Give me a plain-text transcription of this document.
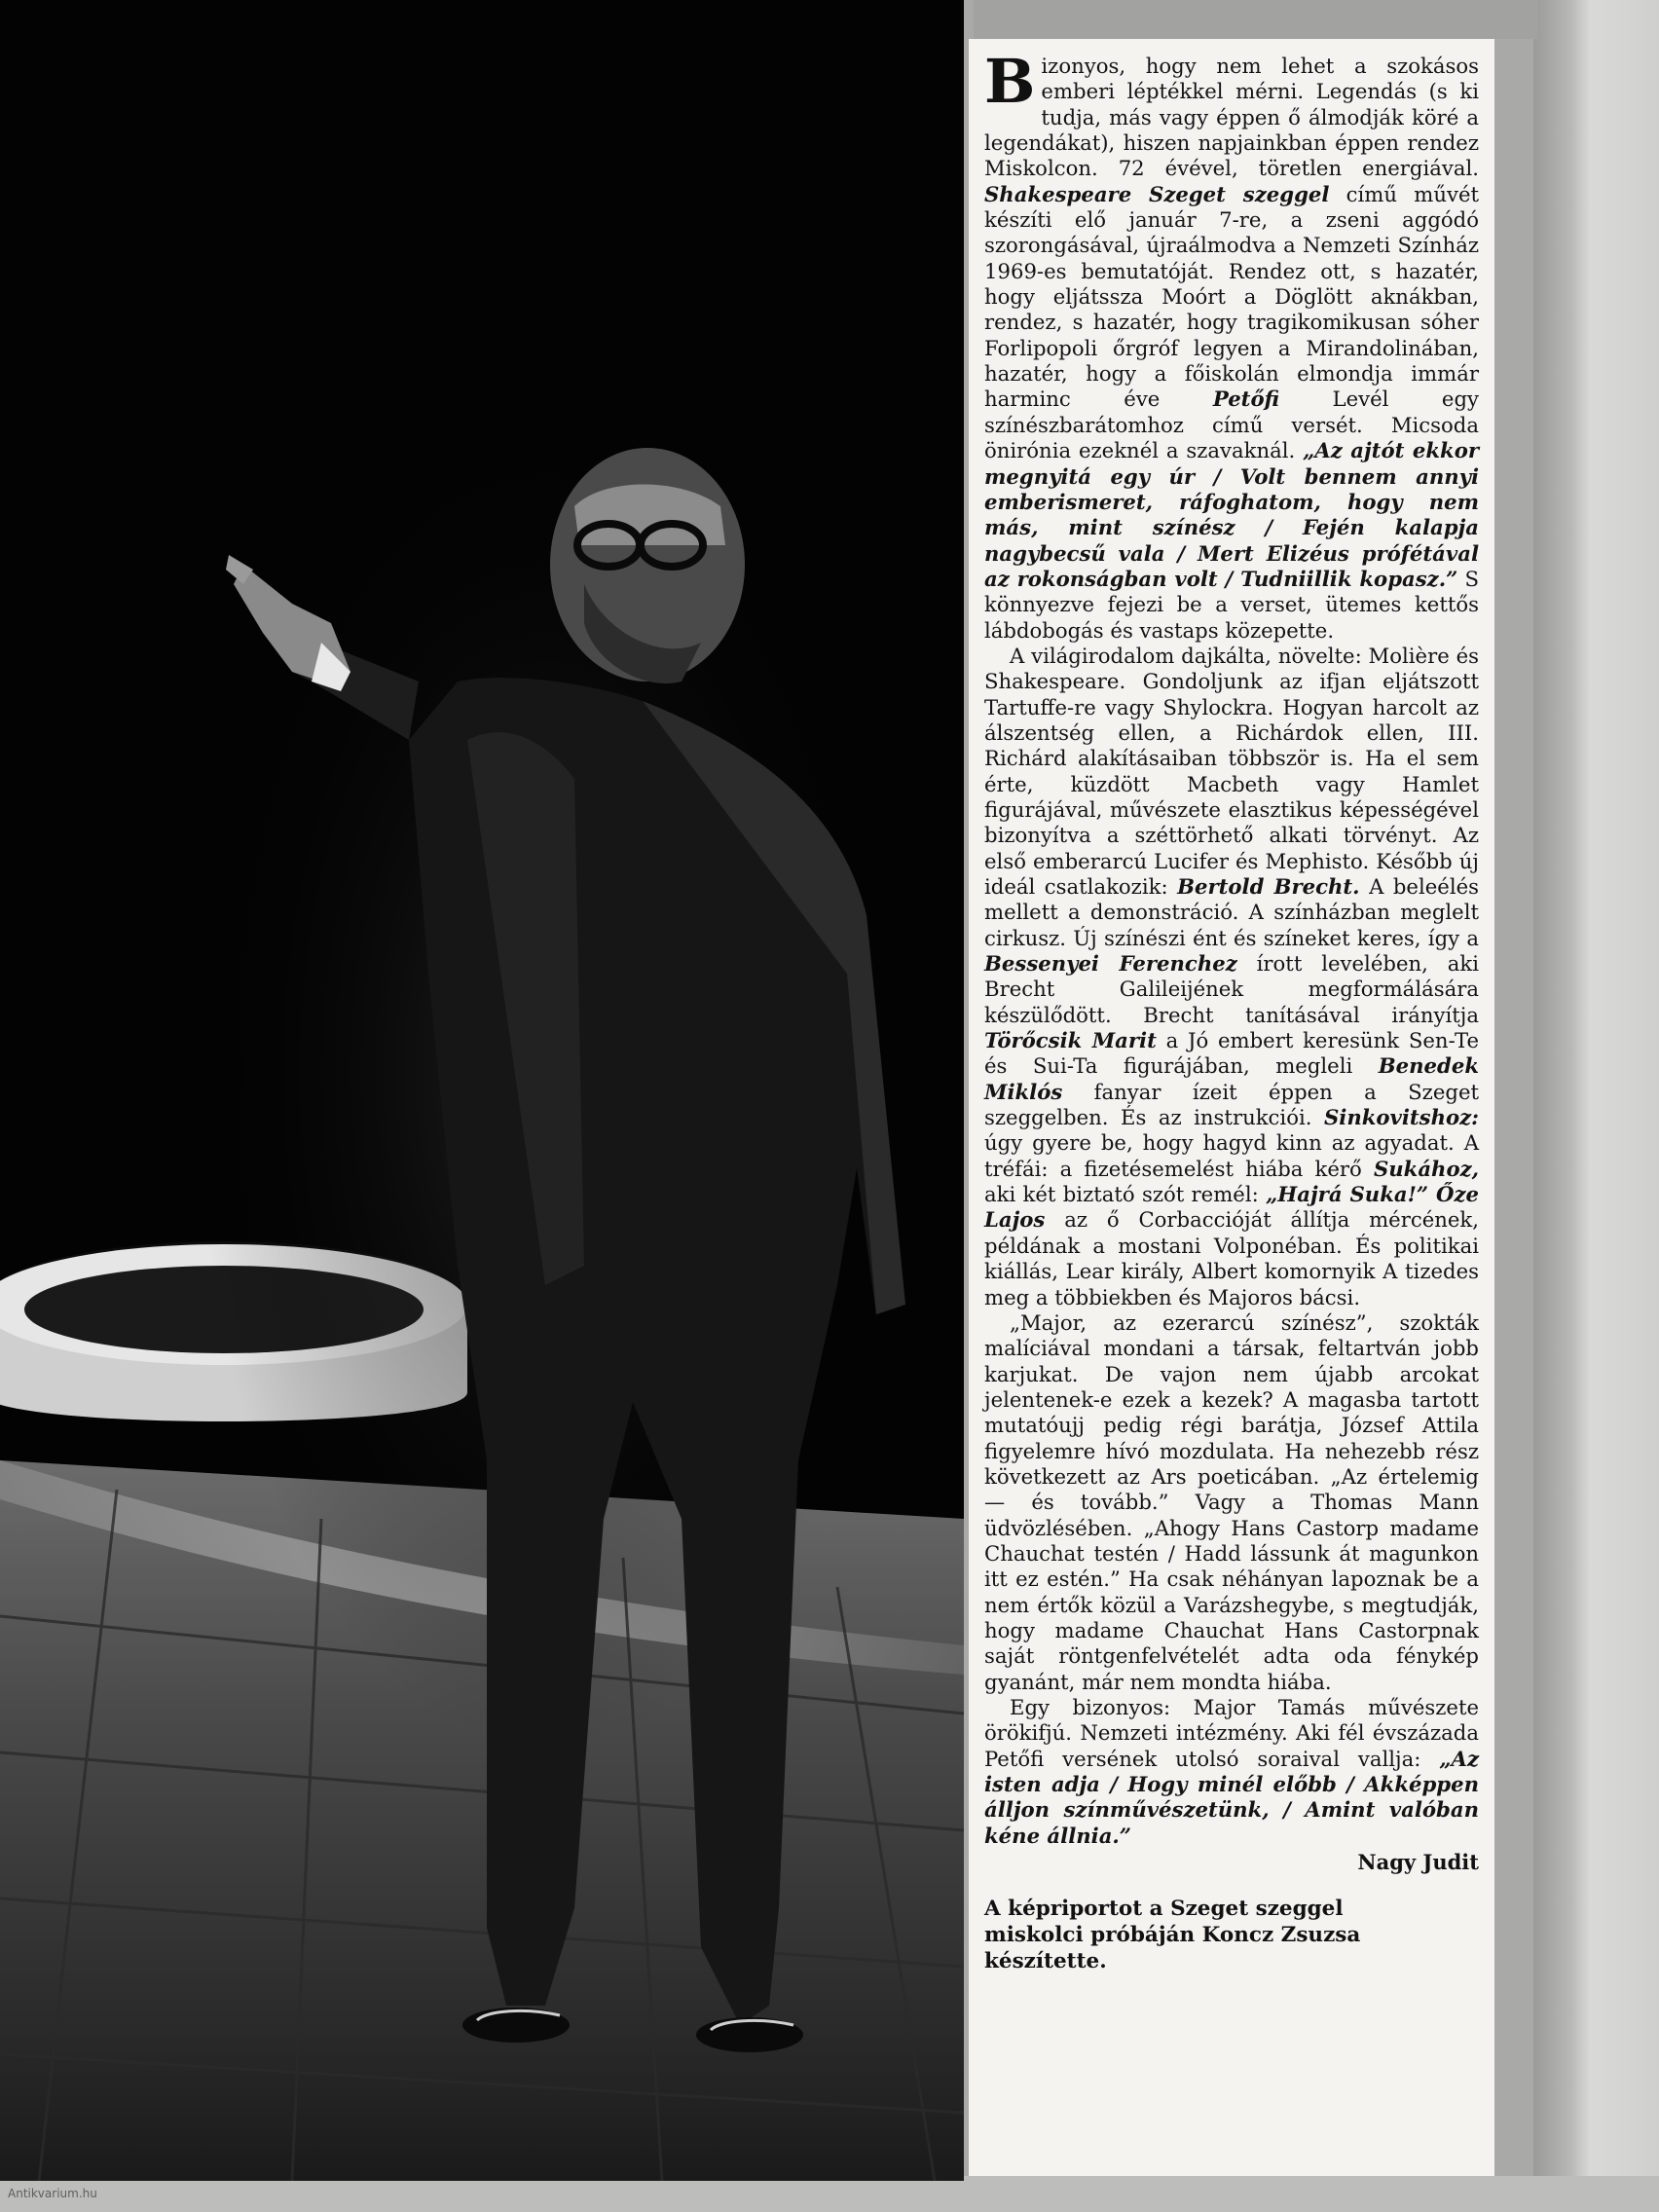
Antikvarium.hu

Bizonyos, hogy nem lehet a szokásos emberi léptékkel mérni. Legendás (s ki tudja, más vagy éppen ő álmodják köré a legendákat), hiszen napjainkban éppen rendez Miskolcon. 72 évével, töretlen energiával. Shakespeare Szeget szeggel című művét készíti elő január 7-re, a zseni aggódó szorongásával, újraálmodva a Nemzeti Színház 1969-es bemutatóját. Rendez ott, s hazatér, hogy eljátssza Moórt a Döglött aknákban, rendez, s hazatér, hogy tragikomikusan sóher Forlipopoli őrgróf legyen a Mirandolinában, hazatér, hogy a főiskolán elmondja immár harminc éve Petőfi Levél egy színészbarátomhoz című versét. Micsoda öniróniа ezeknél a szavaknál. „Az ajtót ekkor megnyitá egy úr / Volt bennem annyi emberismeret, ráfoghatom, hogy nem más, mint színész / Fején kalapja nagybecsű vala / Mert Elizéus prófétával az rokonságban volt / Tudniillik kopasz.” S könnyezve fejezi be a verset, ütemes kettős lábdobogás és vastaps közepette.

A világirodalom dajkálta, növelte: Molière és Shakespeare. Gondoljunk az ifjan eljátszott Tartuffe-re vagy Shylockra. Hogyan harcolt az álszentség ellen, a Richárdok ellen, III. Richárd alakításaiban többször is. Ha el sem érte, küzdött Macbeth vagy Hamlet figurájával, művészete elasztikus képességével bizonyítva a széttörhető alkati törvényt. Az első emberarcú Lucifer és Mephisto. Később új ideál csatlakozik: Bertold Brecht. A beleélés mellett a demonstráció. A színházban meglelt cirkusz. Új színészi ént és színeket keres, így a Bessenyei Ferenchez írott levelében, aki Brecht Galileijének megformálására készülődött. Brecht tanításával irányítja Törőcsik Marit a Jó embert keresünk Sen-Te és Sui-Ta figurájában, megleli Benedek Miklós fanyar ízeit éppen a Szeget szeggelben. És az instrukciói. Sinkovitshoz: úgy gyere be, hogy hagyd kinn az agyadat. A tréfái: a fizetésemelést hiába kérő Sukához, aki két biztató szót remél: „Hajrá Suka!” Őze Lajos az ő Corbaccióját állítja mércének, példának a mostani Volponéban. És politikai kiállás, Lear király, Albert komornyik A tizedes meg a többiekben és Majoros bácsi.

„Major, az ezerarcú színész”, szokták malíciával mondani a társak, feltartván jobb karjukat. De vajon nem újabb arcokat jelentenek-e ezek a kezek? A magasba tartott mutatóujj pedig régi barátja, József Attila figyelemre hívó mozdulata. Ha nehezebb rész következett az Ars poeticában. „Az értelemig — és tovább.” Vagy a Thomas Mann üdvözlésében. „Ahogy Hans Castorp madame Chauchat testén / Hadd lássunk át magunkon itt ez estén.” Ha csak néhányan lapoznak be a nem értők közül a Varázshegybe, s megtudják, hogy madame Chauchat Hans Castorpnak saját röntgenfelvételét adta oda fénykép gyanánt, már nem mondta hiába.

Egy bizonyos: Major Tamás művészete örökifjú. Nemzeti intézmény. Aki fél évszázada Petőfi versének utolsó soraival vallja: „Az isten adja / Hogy minél előbb / Akképpen álljon színművészetünk, / Amint valóban kéne állnia.”

Nagy Judit
A képriportot a Szeget szeggel miskolci próbáján Koncz Zsuzsa készítette.
